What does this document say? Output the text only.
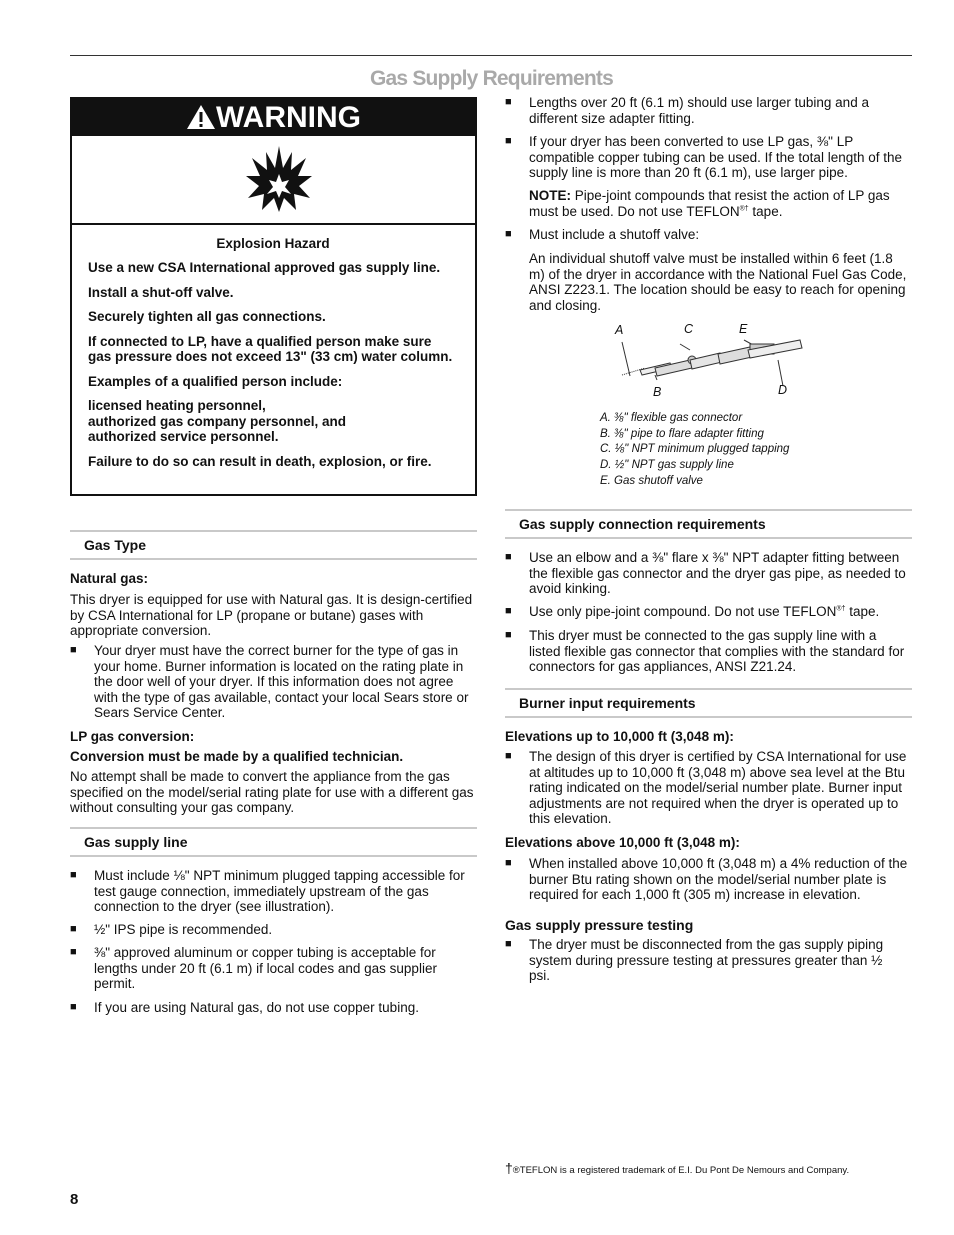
Gas Supply Requirements
WARNING

Explosion Hazard

Use a new CSA International approved gas supply line.

Install a shut-off valve.

Securely tighten all gas connections.

If connected to LP, have a qualified person make sure gas pressure does not exceed 13" (33 cm) water column.

Examples of a qualified person include:

licensed heating personnel,
authorized gas company personnel, and
authorized service personnel.

Failure to do so can result in death, explosion, or fire.

Gas Type

Natural gas:

This dryer is equipped for use with Natural gas. It is design-certified by CSA International for LP (propane or butane) gases with appropriate conversion.

■ Your dryer must have the correct burner for the type of gas in your home. Burner information is located on the rating plate in the door well of your dryer. If this information does not agree with the type of gas available, contact your local Sears store or Sears Service Center.

LP gas conversion:

Conversion must be made by a qualified technician.

No attempt shall be made to convert the appliance from the gas specified on the model/serial rating plate for use with a different gas without consulting your gas company.

Gas supply line
■ Must include ⅛" NPT minimum plugged tapping accessible for test gauge connection, immediately upstream of the gas connection to the dryer (see illustration).
■ ½" IPS pipe is recommended.
■ ⅜" approved aluminum or copper tubing is acceptable for lengths under 20 ft (6.1 m) if local codes and gas supplier permit.
■ If you are using Natural gas, do not use copper tubing.
■ Lengths over 20 ft (6.1 m) should use larger tubing and a different size adapter fitting.
■ If your dryer has been converted to use LP gas, ⅜" LP compatible copper tubing can be used. If the total length of the supply line is more than 20 ft (6.1 m), use larger pipe.

NOTE: Pipe-joint compounds that resist the action of LP gas must be used. Do not use TEFLON®† tape.

■ Must include a shutoff valve:

An individual shutoff valve must be installed within 6 feet (1.8 m) of the dryer in accordance with the National Fuel Gas Code, ANSI Z223.1. The location should be easy to reach for opening and closing.

A	C	E
B	D
A. ⅜" flexible gas connector
B. ⅜" pipe to flare adapter fitting
C. ⅛" NPT minimum plugged tapping
D. ½" NPT gas supply line
E. Gas shutoff valve
Gas supply connection requirements
■ Use an elbow and a ⅜" flare x ⅜" NPT adapter fitting between the flexible gas connector and the dryer gas pipe, as needed to avoid kinking.
■ Use only pipe-joint compound. Do not use TEFLON®† tape.
■ This dryer must be connected to the gas supply line with a listed flexible gas connector that complies with the standard for connectors for gas appliances, ANSI Z21.24.
Burner input requirements

Elevations up to 10,000 ft (3,048 m):

■ The design of this dryer is certified by CSA International for use at altitudes up to 10,000 ft (3,048 m) above sea level at the Btu rating indicated on the model/serial number plate. Burner input adjustments are not required when the dryer is operated up to this elevation.

Elevations above 10,000 ft (3,048 m):

■ When installed above 10,000 ft (3,048 m) a 4% reduction of the burner Btu rating shown on the model/serial number plate is required for each 1,000 ft (305 m) increase in elevation.

Gas supply pressure testing

■ The dryer must be disconnected from the gas supply piping system during pressure testing at pressures greater than ½ psi.
†®TEFLON is a registered trademark of E.I. Du Pont De Nemours and Company.
8
